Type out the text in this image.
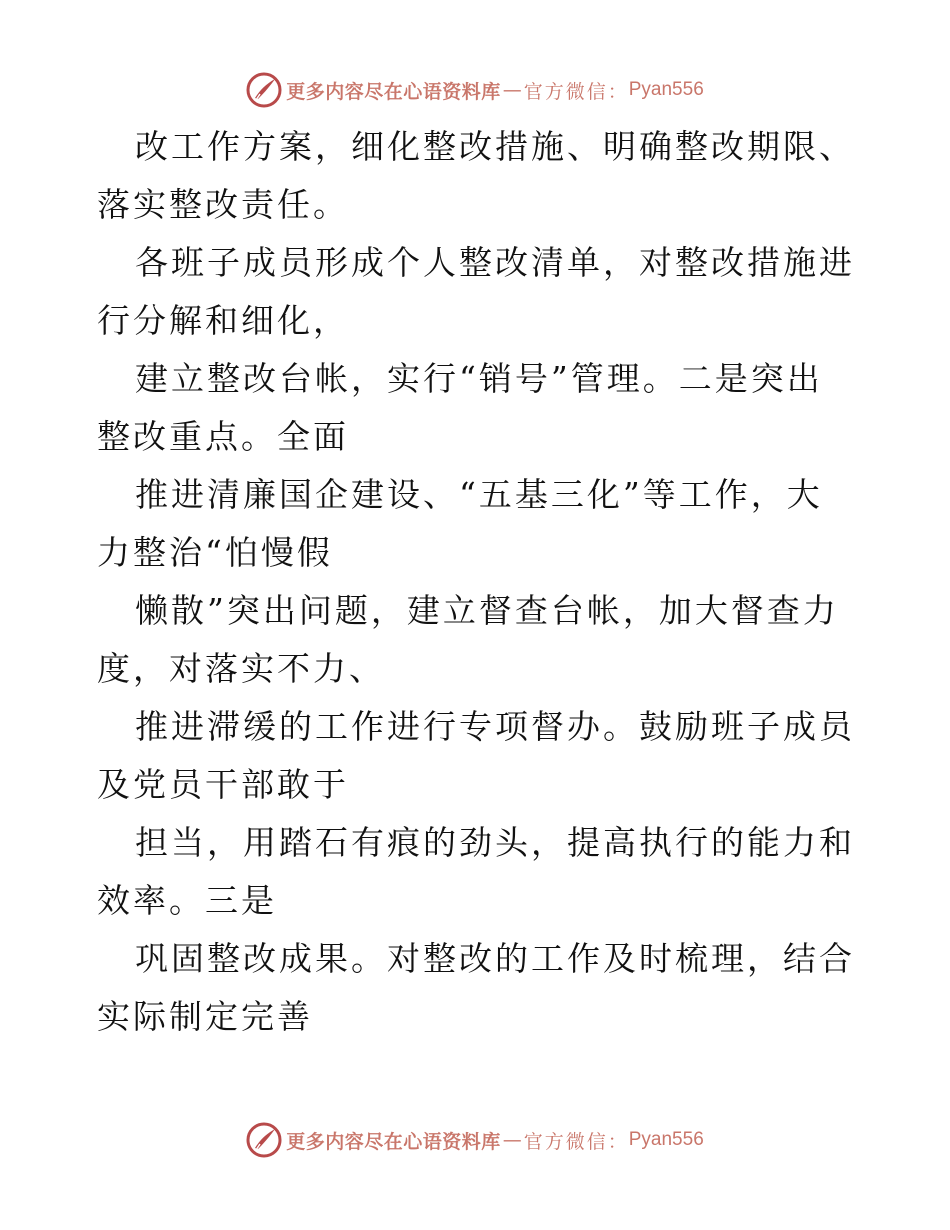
更多内容尽在心语资料库 — 官方微信： Pyan556

改工作方案，细化整改措施、明确整改期限、落实整改责任。

各班子成员形成个人整改清单，对整改措施进行分解和细化，

建立整改台帐，实行“销号”管理。二是突出整改重点。全面

推进清廉国企建设、“五基三化”等工作，大力整治“怕慢假

懒散”突出问题，建立督查台帐，加大督查力度，对落实不力、

推进滞缓的工作进行专项督办。鼓励班子成员及党员干部敢于

担当，用踏石有痕的劲头，提高执行的能力和效率。三是

巩固整改成果。对整改的工作及时梳理，结合实际制定完善

更多内容尽在心语资料库 — 官方微信： Pyan556
